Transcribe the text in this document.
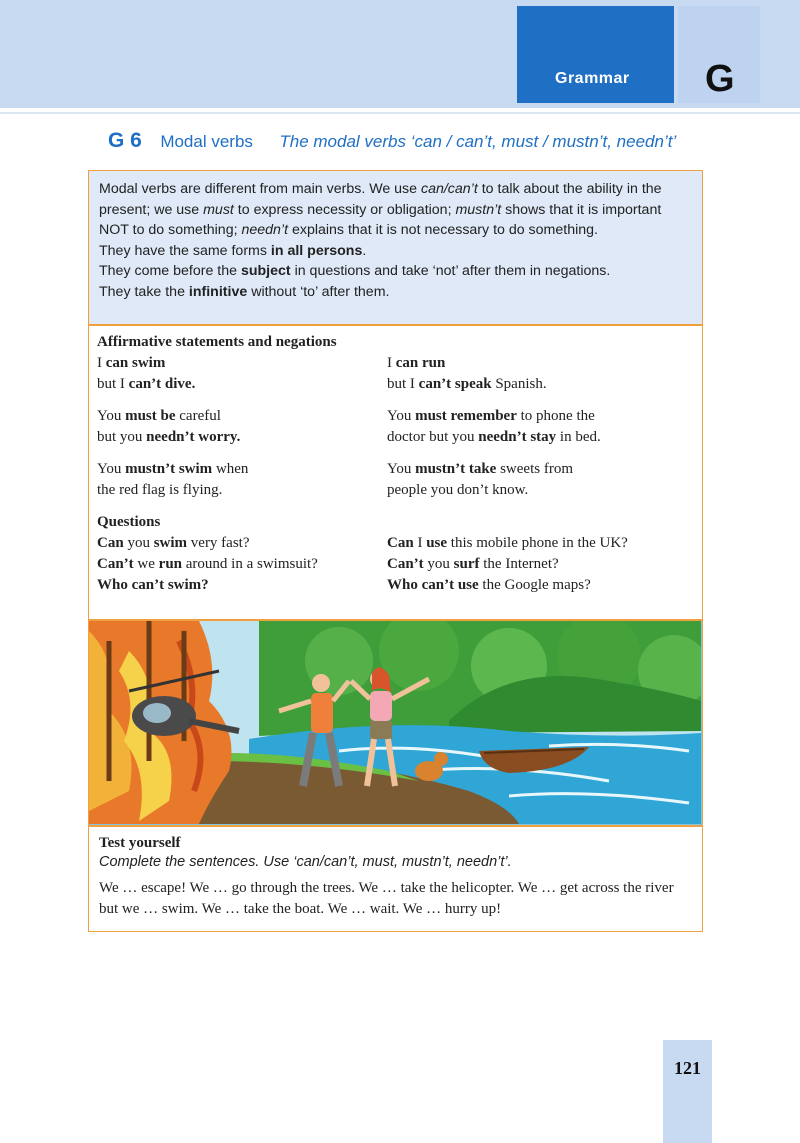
Grammar G
G 6 Modal verbs The modal verbs ‘can / can’t, must / mustn’t, needn’t’

Modal verbs are different from main verbs. We use can/can’t to talk about the ability in the present; we use must to express necessity or obligation; mustn’t shows that it is important NOT to do something; needn’t explains that it is not necessary to do something.

They have the same forms in all persons.

They come before the subject in questions and take ‘not’ after them in negations.

They take the infinitive without ‘to’ after them.

Affirmative statements and negations
I can swim
but I can’t dive.
I can run
but I can’t speak Spanish.
You must be careful
but you needn’t worry.
You must remember to phone the
doctor but you needn’t stay in bed.
You mustn’t swim when
the red flag is flying.
You mustn’t take sweets from
people you don’t know.
Questions
Can you swim very fast?
Can’t we run around in a swimsuit?
Who can’t swim?
Can I use this mobile phone in the UK?
Can’t you surf the Internet?
Who can’t use the Google maps?

Test yourself

Complete the sentences. Use ‘can/can’t, must, mustn’t, needn’t’.

We … escape! We … go through the trees. We … take the helicopter. We … get across the river but we … swim. We … take the boat. We … wait. We … hurry up!

121
